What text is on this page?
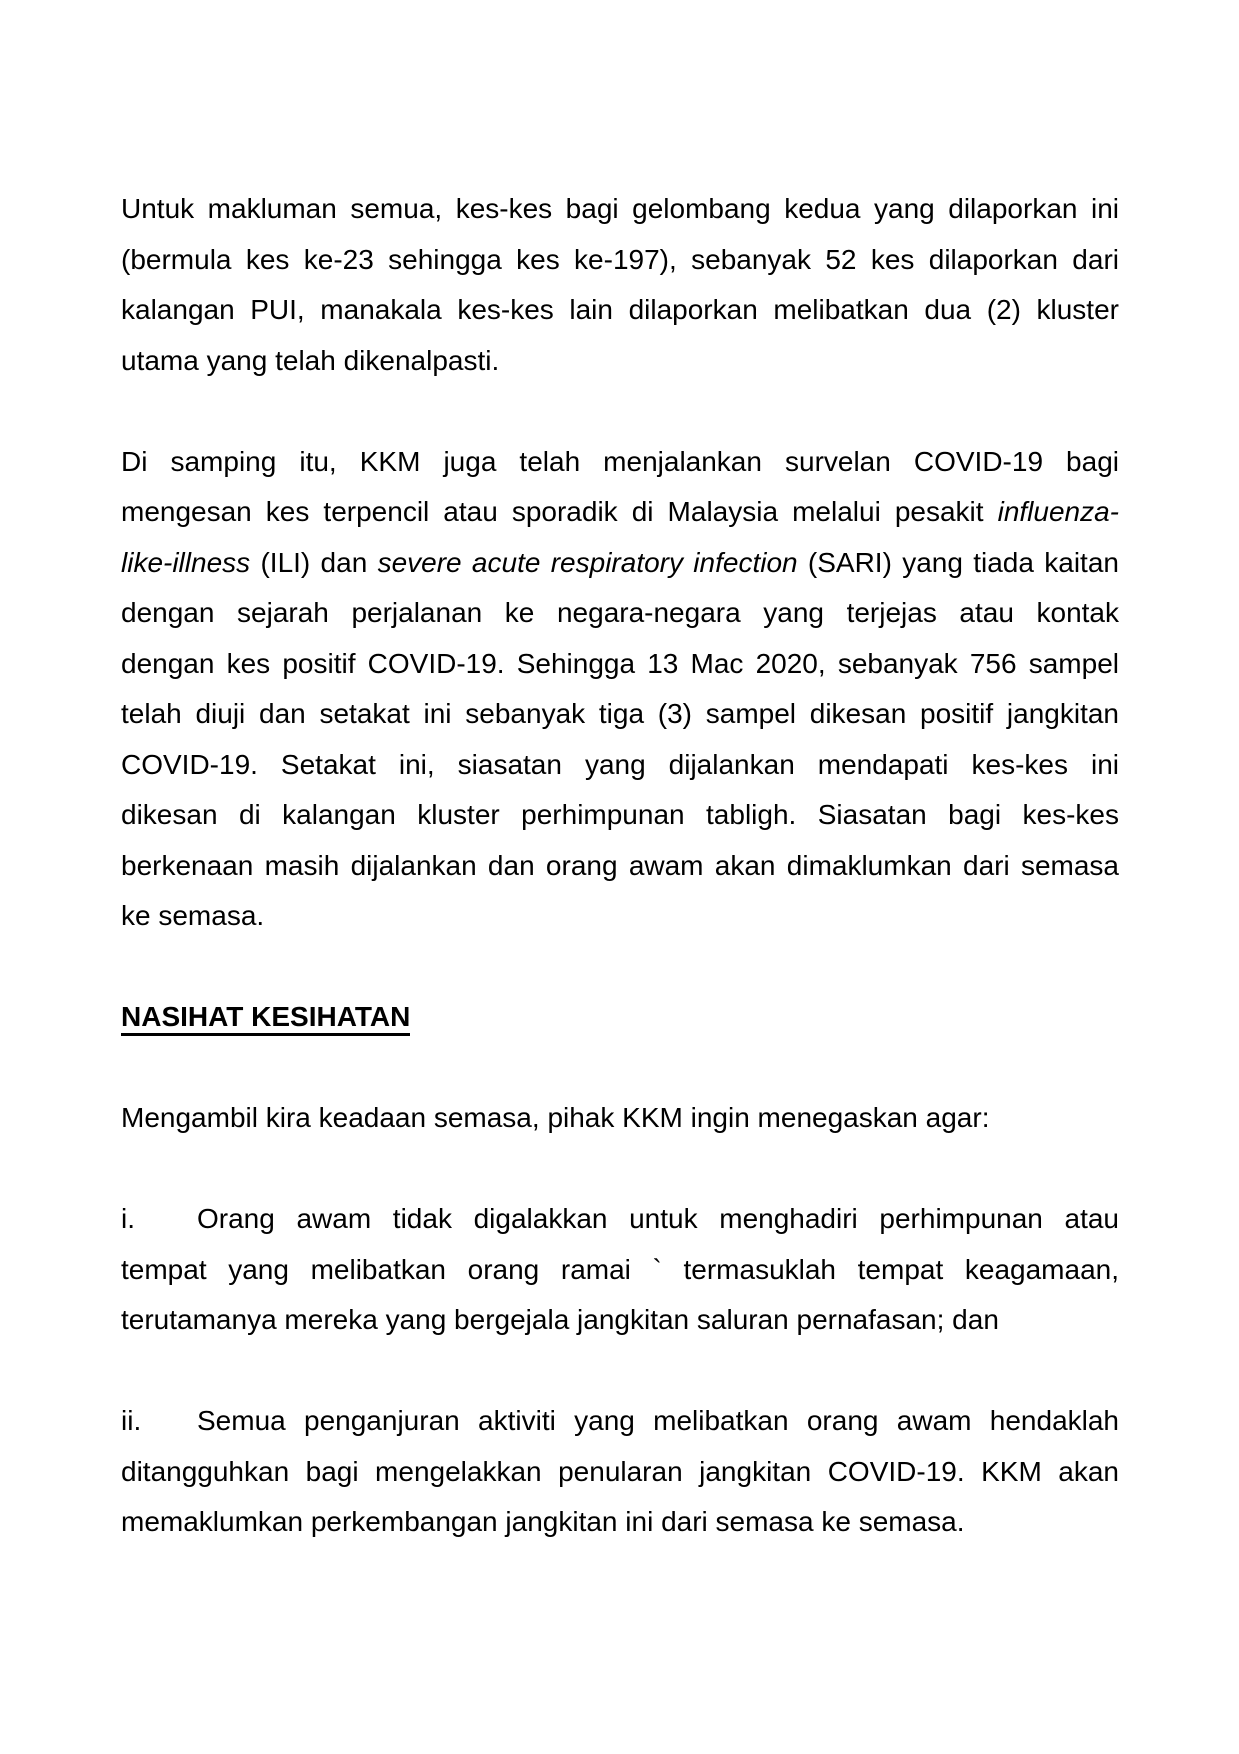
Untuk makluman semua, kes-kes bagi gelombang kedua yang dilaporkan ini
(bermula kes ke-23 sehingga kes ke-197), sebanyak 52 kes dilaporkan dari
kalangan PUI, manakala kes-kes lain dilaporkan melibatkan dua (2) kluster
utama yang telah dikenalpasti.
Di samping itu, KKM juga telah menjalankan survelan COVID-19 bagi
mengesan kes terpencil atau sporadik di Malaysia melalui pesakit influenza-
like-illness (ILI) dan severe acute respiratory infection (SARI) yang tiada kaitan
dengan sejarah perjalanan ke negara-negara yang terjejas atau kontak
dengan kes positif COVID-19. Sehingga 13 Mac 2020, sebanyak 756 sampel
telah diuji dan setakat ini sebanyak tiga (3) sampel dikesan positif jangkitan
COVID-19. Setakat ini, siasatan yang dijalankan mendapati kes-kes ini
dikesan di kalangan kluster perhimpunan tabligh. Siasatan bagi kes-kes
berkenaan masih dijalankan dan orang awam akan dimaklumkan dari semasa
ke semasa.
NASIHAT KESIHATAN
Mengambil kira keadaan semasa, pihak KKM ingin menegaskan agar:
i. Orang awam tidak digalakkan untuk menghadiri perhimpunan atau
tempat yang melibatkan orang ramai ` termasuklah tempat keagamaan,
terutamanya mereka yang bergejala jangkitan saluran pernafasan; dan
ii. Semua penganjuran aktiviti yang melibatkan orang awam hendaklah
ditangguhkan bagi mengelakkan penularan jangkitan COVID-19. KKM akan
memaklumkan perkembangan jangkitan ini dari semasa ke semasa.
